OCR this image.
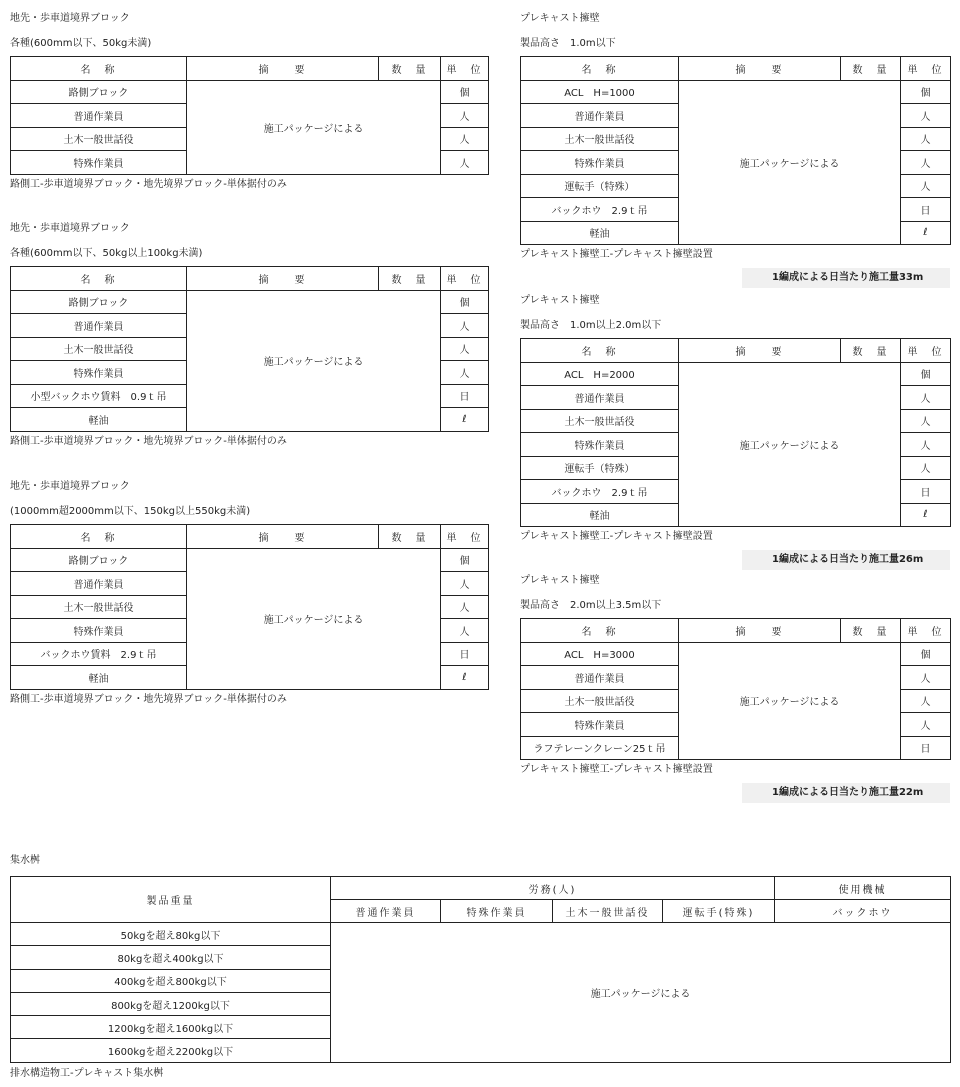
地先・歩車道境界ブロック
各種(600mm以下、50kg未満)
名　称	摘　　要	数　量	単　位
路側ブロック	施工パッケージによる		個
普通作業員			人
土木一般世話役			人
特殊作業員			人
路側工-歩車道境界ブロック・地先境界ブロック-単体据付のみ
地先・歩車道境界ブロック
各種(600mm以下、50kg以上100kg未満)
名　称	摘　　要	数　量	単　位
路側ブロック	施工パッケージによる		個
普通作業員			人
土木一般世話役			人
特殊作業員			人
小型バックホウ賃料　0.9ｔ吊			日
軽油			ℓ
路側工-歩車道境界ブロック・地先境界ブロック-単体据付のみ
地先・歩車道境界ブロック
(1000mm超2000mm以下、150kg以上550kg未満)
名　称	摘　　要	数　量	単　位
路側ブロック	施工パッケージによる		個
普通作業員			人
土木一般世話役			人
特殊作業員			人
バックホウ賃料　2.9ｔ吊			日
軽油			ℓ
路側工-歩車道境界ブロック・地先境界ブロック-単体据付のみ
プレキャスト擁壁
製品高さ　1.0m以下
名　称	摘　　要	数　量	単　位
ACL　H=1000	施工パッケージによる		個
普通作業員			人
土木一般世話役			人
特殊作業員			人
運転手（特殊）			人
バックホウ　2.9ｔ吊			日
軽油			ℓ
プレキャスト擁壁工-プレキャスト擁壁設置
1編成による日当たり施工量33m
プレキャスト擁壁
製品高さ　1.0m以上2.0m以下
名　称	摘　　要	数　量	単　位
ACL　H=2000	施工パッケージによる		個
普通作業員			人
土木一般世話役			人
特殊作業員			人
運転手（特殊）			人
バックホウ　2.9ｔ吊			日
軽油			ℓ
プレキャスト擁壁工-プレキャスト擁壁設置
1編成による日当たり施工量26m
プレキャスト擁壁
製品高さ　2.0m以上3.5m以下
名　称	摘　　要	数　量	単　位
ACL　H=3000	施工パッケージによる		個
普通作業員			人
土木一般世話役			人
特殊作業員			人
ラフテレーンクレーン25ｔ吊			日
プレキャスト擁壁工-プレキャスト擁壁設置
1編成による日当たり施工量22m
集水桝
製品重量	労務(人)				使用機械
	普通作業員	特殊作業員	土木一般世話役	運転手(特殊)	バックホウ
50kgを超え80kg以下	施工パッケージによる				
80kgを超え400kg以下					
400kgを超え800kg以下					
800kgを超え1200kg以下					
1200kgを超え1600kg以下					
1600kgを超え2200kg以下					
排水構造物工-プレキャスト集水桝
